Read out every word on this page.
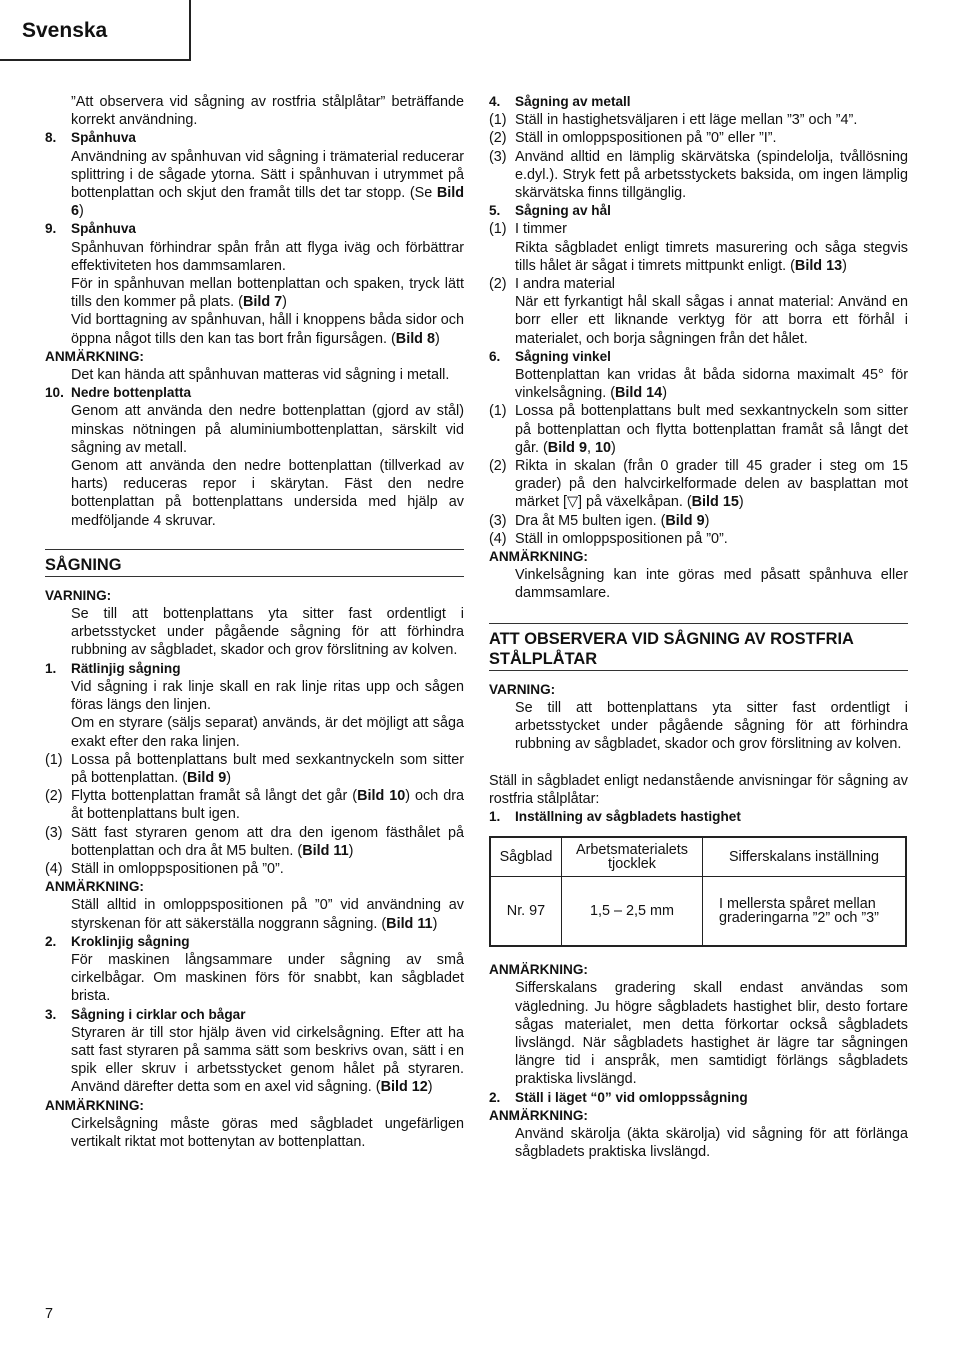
Svenska
”Att observera vid sågning av rostfria stålplåtar” beträffande korrekt användning.
8.	Spånhuva
Användning av spånhuvan vid sågning i trämaterial reducerar splittring i de sågade ytorna. Sätt i spånhuvan i utrymmet på bottenplattan och skjut den framåt tills det tar stopp. (Se Bild 6)
9.	Spånhuva
Spånhuvan förhindrar spån från att flyga iväg och förbättrar effektiviteten hos dammsamlaren.
För in spånhuvan mellan bottenplattan och spaken, tryck lätt tills den kommer på plats. (Bild 7)
Vid borttagning av spånhuvan, håll i knoppens båda sidor och öppna något tills den kan tas bort från figursågen. (Bild 8)
ANMÄRKNING:
Det kan hända att spånhuvan matteras vid sågning i metall.
10. Nedre bottenplatta
Genom att använda den nedre bottenplattan (gjord av stål) minskas nötningen på aluminiumbottenplattan, särskilt vid sågning av metall.
Genom att använda den nedre bottenplattan (tillverkad av harts) reduceras repor i skärytan. Fäst den nedre bottenplattan på bottenplattans undersida med hjälp av medföljande 4 skruvar.
SÅGNING
VARNING:
Se till att bottenplattans yta sitter fast ordentligt i arbetsstycket under pågående sågning för att förhindra rubbning av sågbladet, skador och grov förslitning av kolven.
1.	Rätlinjig sågning
Vid sågning i rak linje skall en rak linje ritas upp och sågen föras längs den linjen.
Om en styrare (säljs separat) används, är det möjligt att såga exakt efter den raka linjen.
(1) Lossa på bottenplattans bult med sexkantnyckeln som sitter på bottenplattan. (Bild 9)
(2) Flytta bottenplattan framåt så långt det går (Bild 10) och dra åt bottenplattans bult igen.
(3) Sätt fast styraren genom att dra den igenom fästhålet på bottenplattan och dra åt M5 bulten. (Bild 11)
(4) Ställ in omloppspositionen på ”0”.
ANMÄRKNING:
Ställ alltid in omloppspositionen på ”0” vid användning av styrskenan för att säkerställa noggrann sågning. (Bild 11)
2.	Kroklinjig sågning
För maskinen långsammare under sågning av små cirkelbågar. Om maskinen förs för snabbt, kan sågbladet brista.
3.	Sågning i cirklar och bågar
Styraren är till stor hjälp även vid cirkelsågning. Efter att ha satt fast styraren på samma sätt som beskrivs ovan, sätt i en spik eller skruv i arbetsstycket genom hålet på styraren. Använd därefter detta som en axel vid sågning. (Bild 12)
ANMÄRKNING:
Cirkelsågning måste göras med sågbladet ungefärligen vertikalt riktat mot bottenytan av bottenplattan.
4.	Sågning av metall
(1) Ställ in hastighetsväljaren i ett läge mellan ”3” och ”4”.
(2) Ställ in omloppspositionen på ”0” eller ”I”.
(3) Använd alltid en lämplig skärvätska (spindelolja, tvållösning e.dyl.). Stryk fett på arbetsstyckets baksida, om ingen lämplig skärvätska finns tillgänglig.
5.	Sågning av hål
(1) I timmer
Rikta sågbladet enligt timrets masurering och såga stegvis tills hålet är sågat i timrets mittpunkt enligt. (Bild 13)
(2) I andra material
När ett fyrkantigt hål skall sågas i annat material: Använd en borr eller ett liknande verktyg för att borra ett förhål i materialet, och borja sågningen från det hålet.
6.	Sågning vinkel
Bottenplattan kan vridas åt båda sidorna maximalt 45° för vinkelsågning. (Bild 14)
(1) Lossa på bottenplattans bult med sexkantnyckeln som sitter på bottenplattan och flytta bottenplattan framåt så långt det går. (Bild 9, 10)
(2) Rikta in skalan (från 0 grader till 45 grader i steg om 15 grader) på den halvcirkelformade delen av basplattan mot märket [▽] på växelkåpan. (Bild 15)
(3) Dra åt M5 bulten igen. (Bild 9)
(4) Ställ in omloppspositionen på ”0”.
ANMÄRKNING:
Vinkelsågning kan inte göras med påsatt spånhuva eller dammsamlare.
ATT OBSERVERA VID SÅGNING AV ROSTFRIA STÅLPLÅTAR
VARNING:
Se till att bottenplattans yta sitter fast ordentligt i arbetsstycket under pågående sågning för att förhindra rubbning av sågbladet, skador och grov förslitning av kolven.
Ställ in sågbladet enligt nedanstående anvisningar för sågning av rostfria stålplåtar:
1.	Inställning av sågbladets hastighet
Sågblad	Arbetsmaterialets tjocklek	Sifferskalans inställning
Nr. 97	1,5 – 2,5 mm	I mellersta spåret mellan graderingarna ”2” och ”3”
ANMÄRKNING:
Sifferskalans gradering skall endast användas som vägledning. Ju högre sågbladets hastighet blir, desto fortare sågas materialet, men detta förkortar också sågbladets livslängd. När sågbladets hastighet är lägre tar sågningen längre tid i anspråk, men samtidigt förlängs sågbladets praktiska livslängd.
2.	Ställ i läget “0” vid omloppssågning
ANMÄRKNING:
Använd skärolja (äkta skärolja) vid sågning för att förlänga sågbladets praktiska livslängd.
7
